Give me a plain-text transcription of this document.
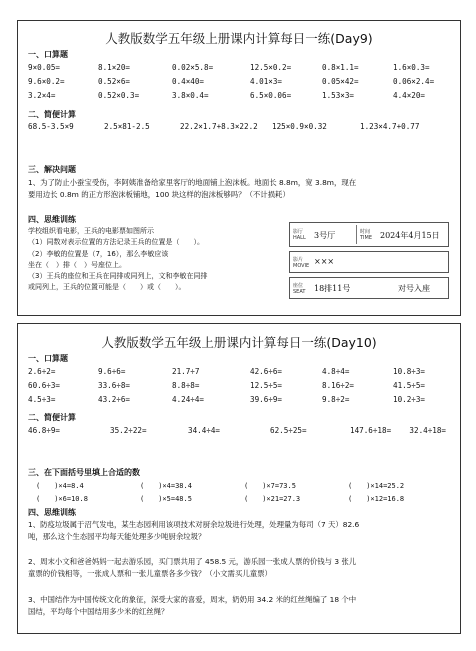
人教版数学五年级上册课内计算每日一练(Day9)
一、口算题
9×0.05=	8.1×20=	0.02×5.8=	12.5×0.2=	0.8×1.1=	1.6×0.3=
9.6×0.2=	0.52×6=	0.4×40=	4.01×3=	0.05×42=	0.06×2.4=
3.2×4=	0.52×0.3=	3.8×0.4=	6.5×0.06=	1.53×3=	4.4×20=
二、简便计算
68.5-3.5×9	2.5×81-2.5	22.2×1.7+8.3×22.2 125×0.9×0.32	1.23×4.7+0.77
三、解决问题
1、为了防止小蚕宝受伤，李阿姨准备给家里客厅的地面铺上泡沫板。地面长 8.8m，宽 3.8m，现在
要用边长 0.8m 的正方形泡沫板铺地，100 块这样的泡沫板够吗？（不计损耗）
四、思维训练
学校组织看电影，王兵的电影票如图所示
（1）同数对表示位置的方法记录王兵的位置是（　　）。
（2）李敏的位置是（7，16），那么李敏应该
坐在（　）排（　）号座位上。
（3）王兵的座位和王兵在同排或同列上，文和李敏在同排
或同列上，王兵的位置可能是（　　）或（　　）。
影厅
HALL 3号厅	时间
TIME 2024年4月15日
影片
MOVIE ×××
座位
SEAT 18排11号	对号入座
人教版数学五年级上册课内计算每日一练(Day10)
一、口算题
2.6÷2=	9.6÷6=	21.7÷7	42.6÷6=	4.8÷4=	10.8÷3=
60.6÷3=	33.6÷8=	8.8÷8=	12.5÷5=	8.16÷2=	41.5÷5=
4.5÷3=	43.2÷6=	4.24÷4=	39.6÷9=	9.8÷2=	10.2÷3=
二、简便计算
46.8÷9=	35.2÷22=	34.4÷4=	62.5÷25=	147.6÷18= 32.4÷18=
三、在下面括号里填上合适的数
(　　)×4=8.4	(　　)×4=38.4	(　　)×7=73.5	(　　)×14=25.2
(　　)×6=10.8	(　　)×5=48.5	(　　)×21=27.3	(　　)×12=16.8
四、思维训练
1、防疫垃圾属于沼气发电，某生态园利用该项技术对厨余垃圾进行处理，处理量为每司（7 天）82.6
吨，那么这个生态园平均每天能处理多少吨厨余垃圾？
2、周末小文和爸爸妈妈一起去游乐园，买门票共用了 458.5 元，游乐园一张成人票的价钱与 3 张儿
童票的价钱相等，一张成人票和一张儿童票各多少钱？（小文需买儿童票）
3、中国结作为中国传统文化的象征，深受大家的喜爱，周末，奶奶用 34.2 米的红丝绳编了 18 个中
国结，平均每个中国结用多少米的红丝绳？
